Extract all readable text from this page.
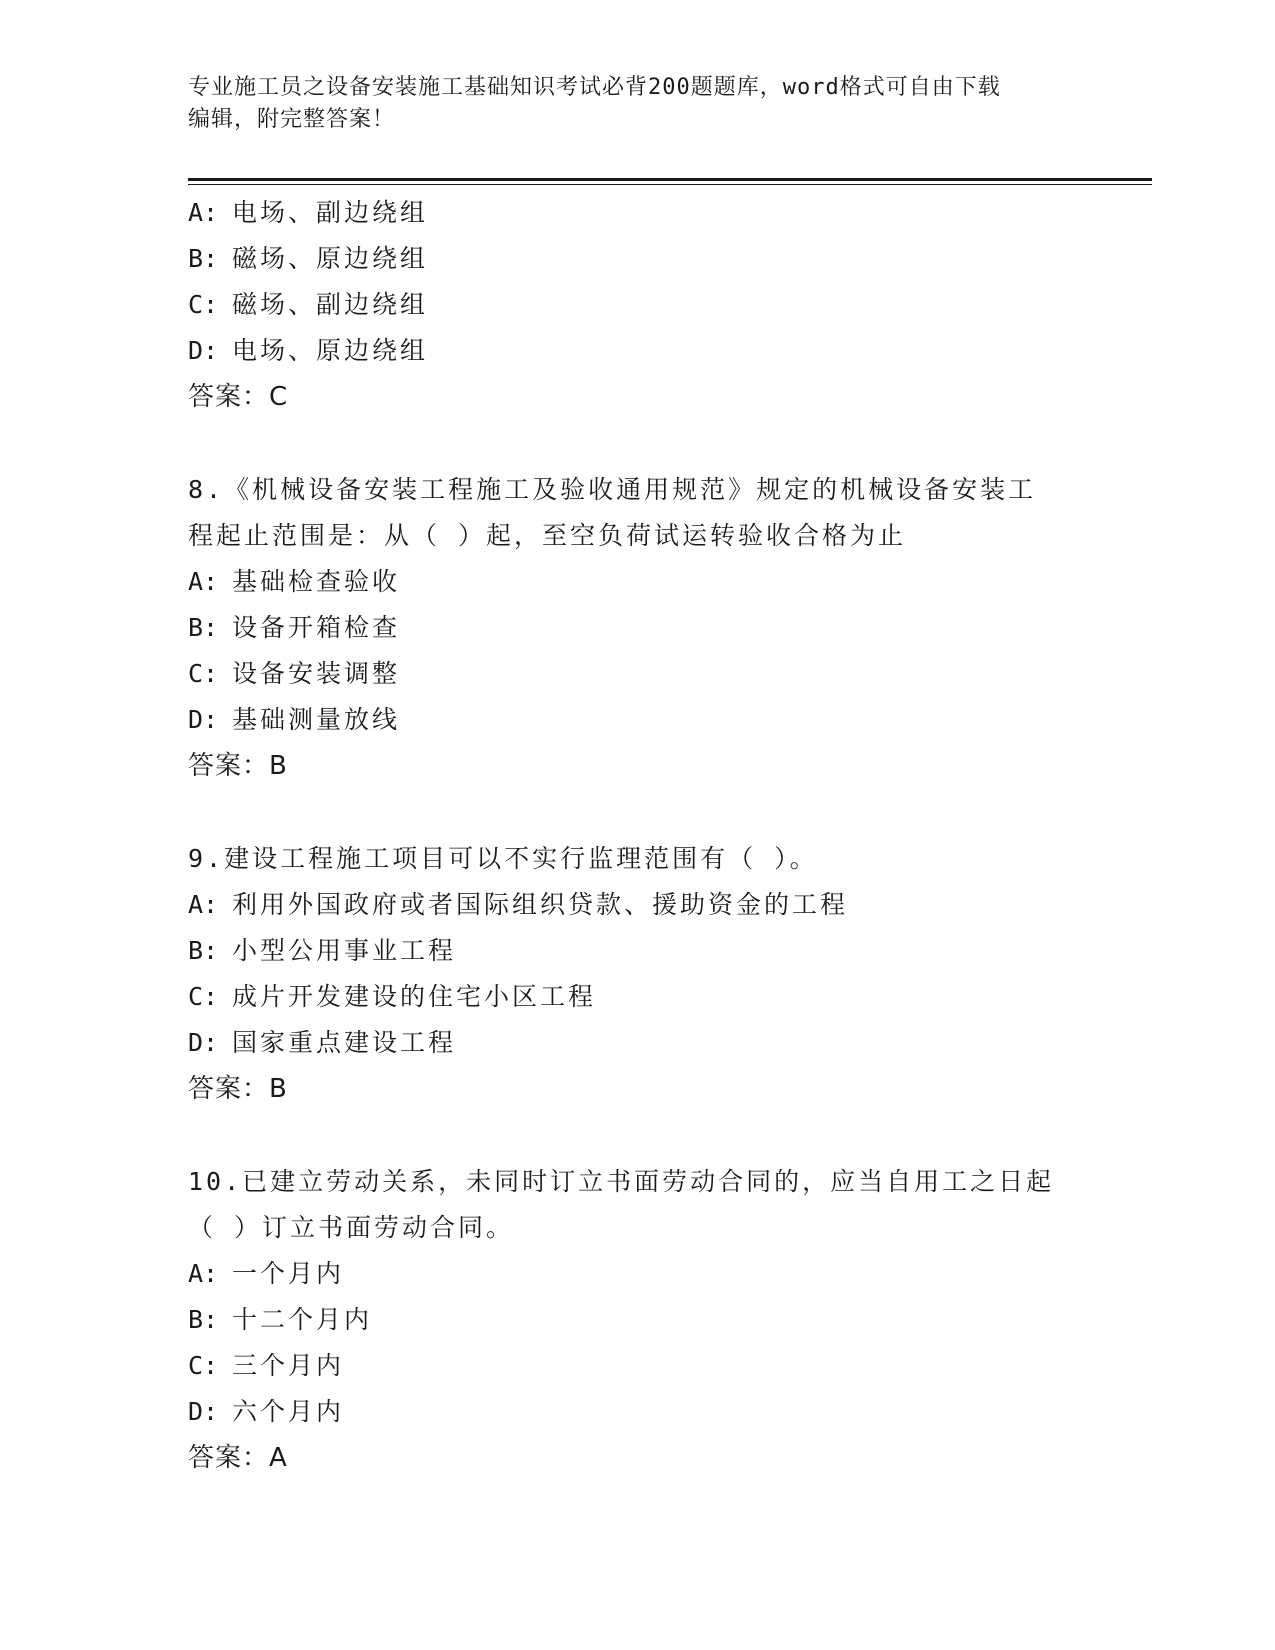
专业施工员之设备安装施工基础知识考试必背200题题库，word格式可自由下载
编辑，附完整答案！
A: 电场、副边绕组
B: 磁场、原边绕组
C: 磁场、副边绕组
D: 电场、原边绕组
答案：C
8.《机械设备安装工程施工及验收通用规范》规定的机械设备安装工
程起止范围是：从（ ）起，至空负荷试运转验收合格为止
A: 基础检查验收
B: 设备开箱检查
C: 设备安装调整
D: 基础测量放线
答案：B
9.建设工程施工项目可以不实行监理范围有（ ）。
A: 利用外国政府或者国际组织贷款、援助资金的工程
B: 小型公用事业工程
C: 成片开发建设的住宅小区工程
D: 国家重点建设工程
答案：B
10.已建立劳动关系，未同时订立书面劳动合同的，应当自用工之日起
（ ）订立书面劳动合同。
A: 一个月内
B: 十二个月内
C: 三个月内
D: 六个月内
答案：A
